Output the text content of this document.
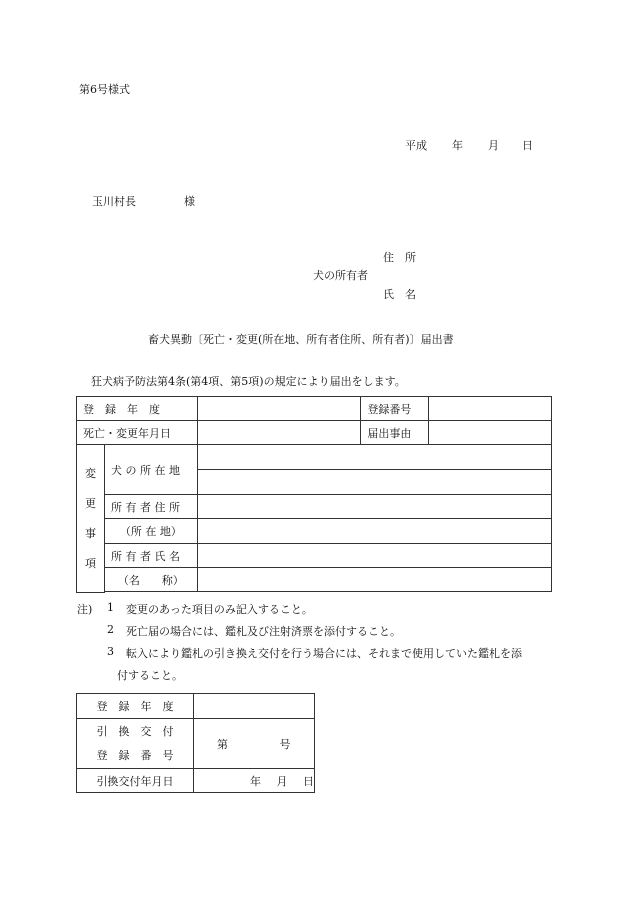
第6号様式
平成 年 月 日
玉川村長	様
住　所
犬の所有者
氏　名
畜犬異動〔死亡・変更(所在地、所有者住所、所有者)〕届出書
狂犬病予防法第4条(第4項、第5項)の規定により届出をします。
登　録　年　度			登録番号	
死亡・変更年月日			届出事由	

変
更
事
項	犬 の 所 在 地			

	所 有 者 住 所			
	（所 在 地）			
	所 有 者 氏 名			
	（名　　称）			

注) 1 変更のあった項目のみ記入すること。
2 死亡届の場合には、鑑札及び注射済票を添付すること。
3 転入により鑑札の引き換え交付を行う場合には、それまで使用していた鑑札を添
付すること。
登　録　年　度	

引　換　交　付
登　録　番　号	第 号
引換交付年月日	年 月 日
